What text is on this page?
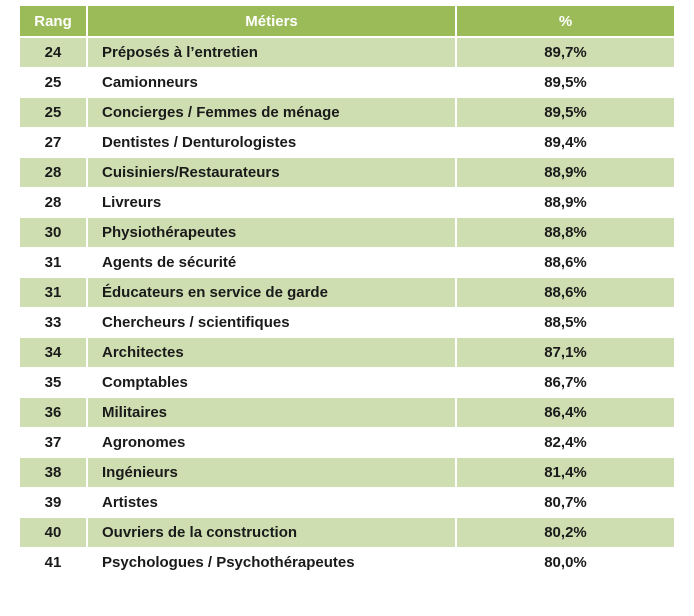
Rang	Métiers	%
24	Préposés à l’entretien	89,7%
25	Camionneurs	89,5%
25	Concierges / Femmes de ménage	89,5%
27	Dentistes / Denturologistes	89,4%
28	Cuisiniers/Restaurateurs	88,9%
28	Livreurs	88,9%
30	Physiothérapeutes	88,8%
31	Agents de sécurité	88,6%
31	Éducateurs en service de garde	88,6%
33	Chercheurs / scientifiques	88,5%
34	Architectes	87,1%
35	Comptables	86,7%
36	Militaires	86,4%
37	Agronomes	82,4%
38	Ingénieurs	81,4%
39	Artistes	80,7%
40	Ouvriers de la construction	80,2%
41	Psychologues / Psychothérapeutes	80,0%
